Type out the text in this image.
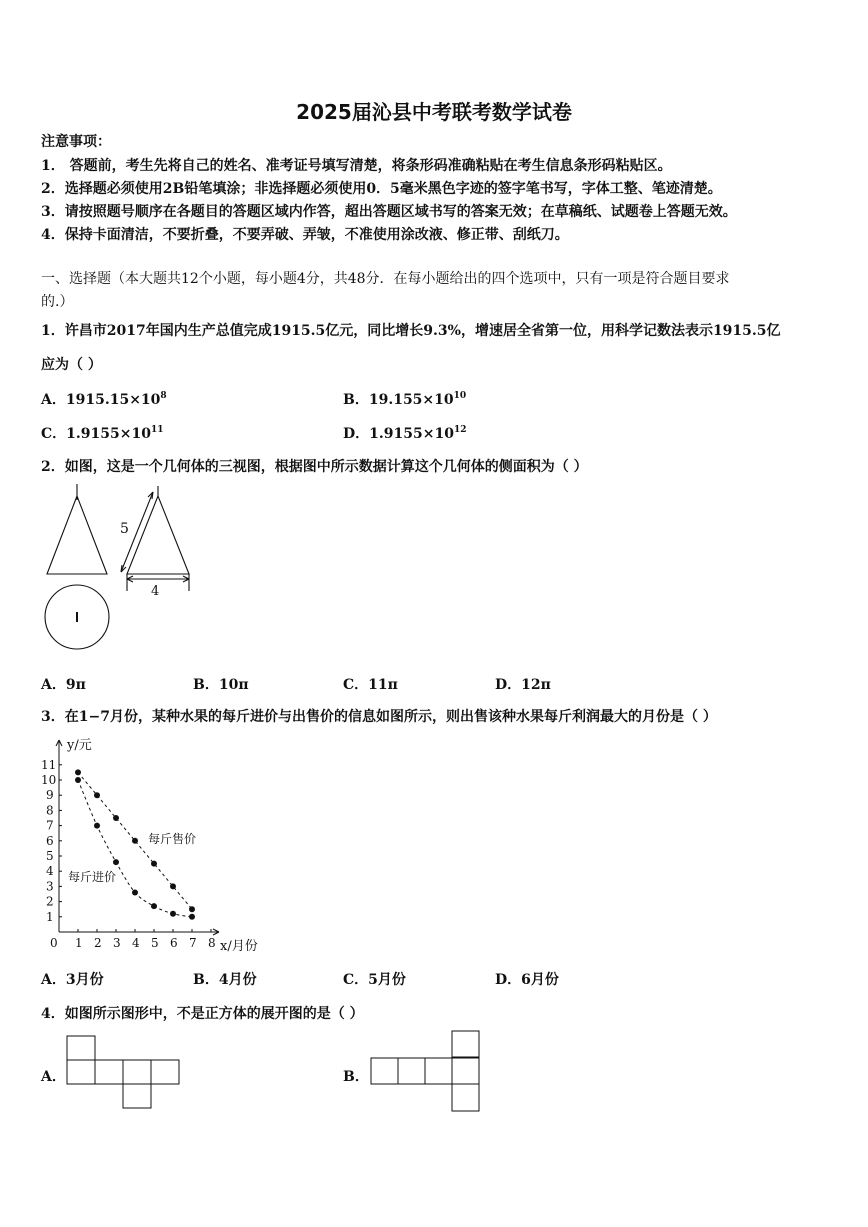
2025届沁县中考联考数学试卷
注意事项：
1． 答题前，考生先将自己的姓名、准考证号填写清楚，将条形码准确粘贴在考生信息条形码粘贴区。
2．选择题必须使用2B铅笔填涂；非选择题必须使用0．5毫米黑色字迹的签字笔书写，字体工整、笔迹清楚。
3．请按照题号顺序在各题目的答题区域内作答，超出答题区域书写的答案无效；在草稿纸、试题卷上答题无效。
4．保持卡面清洁，不要折叠，不要弄破、弄皱，不准使用涂改液、修正带、刮纸刀。
一、选择题（本大题共12个小题，每小题4分，共48分．在每小题给出的四个选项中，只有一项是符合题目要求
的.）
1．许昌市2017年国内生产总值完成1915.5亿元，同比增长9.3%，增速居全省第一位，用科学记数法表示1915.5亿
应为（ ）
A．$1915.15\times 10^8$	B．$19.155\times 10^{10}$
C．$1.9155\times 10^{11}$	D．$1.9155\times 10^{12}$
2．如图，这是一个几何体的三视图，根据图中所示数据计算这个几何体的侧面积为（ ）
5
4
A．9π	B．10π	C．11π	D．12π
3．在1−7月份，某种水果的每斤进价与出售价的信息如图所示，则出售该种水果每斤利润最大的月份是（ ）
0 1 2 3 4 5 6 7 8
1
2
3
4
5
6
7
8
9
10
11
y/元
x/月份
每斤售价
每斤进价
A．3月份	B．4月份	C．5月份	D．6月份
4．如图所示图形中，不是正方体的展开图的是（ ）
A．	B．
